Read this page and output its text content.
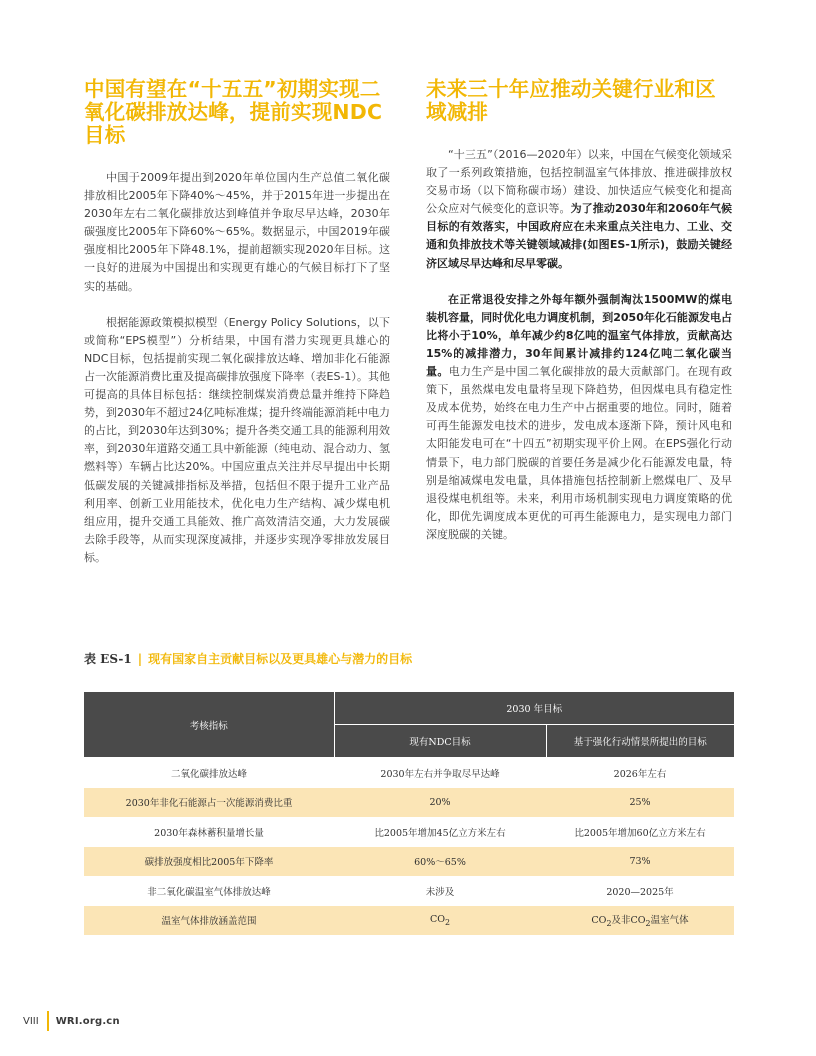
中国有望在“十五五”初期实现二氧化碳排放达峰，提前实现NDC目标

中国于2009年提出到2020年单位国内生产总值二氧化碳排放相比2005年下降40%～45%，并于2015年进一步提出在2030年左右二氧化碳排放达到峰值并争取尽早达峰，2030年碳强度比2005年下降60%～65%。数据显示，中国2019年碳强度相比2005年下降48.1%，提前超额实现2020年目标。这一良好的进展为中国提出和实现更有雄心的气候目标打下了坚实的基础。

根据能源政策模拟模型（Energy Policy Solutions，以下或简称“EPS模型”）分析结果，中国有潜力实现更具雄心的NDC目标，包括提前实现二氧化碳排放达峰、增加非化石能源占一次能源消费比重及提高碳排放强度下降率（表ES-1）。其他可提高的具体目标包括：继续控制煤炭消费总量并维持下降趋势，到2030年不超过24亿吨标准煤；提升终端能源消耗中电力的占比，到2030年达到30%；提升各类交通工具的能源利用效率，到2030年道路交通工具中新能源（纯电动、混合动力、氢燃料等）车辆占比达20%。中国应重点关注并尽早提出中长期低碳发展的关键减排指标及举措，包括但不限于提升工业产品利用率、创新工业用能技术，优化电力生产结构、减少煤电机组应用，提升交通工具能效、推广高效清洁交通，大力发展碳去除手段等，从而实现深度减排，并逐步实现净零排放发展目标。

未来三十年应推动关键行业和区域减排

“十三五”（2016—2020年）以来，中国在气候变化领域采取了一系列政策措施，包括控制温室气体排放、推进碳排放权交易市场（以下简称碳市场）建设、加快适应气候变化和提高公众应对气候变化的意识等。为了推动2030年和2060年气候目标的有效落实，中国政府应在未来重点关注电力、工业、交通和负排放技术等关键领域减排(如图ES-1所示)，鼓励关键经济区域尽早达峰和尽早零碳。

在正常退役安排之外每年额外强制淘汰1500MW的煤电装机容量，同时优化电力调度机制，到2050年化石能源发电占比将小于10%，单年减少约8亿吨的温室气体排放，贡献高达15%的减排潜力，30年间累计减排约124亿吨二氧化碳当量。电力生产是中国二氧化碳排放的最大贡献部门。在现有政策下，虽然煤电发电量将呈现下降趋势，但因煤电具有稳定性及成本优势，始终在电力生产中占据重要的地位。同时，随着可再生能源发电技术的进步，发电成本逐渐下降，预计风电和太阳能发电可在“十四五”初期实现平价上网。在EPS强化行动情景下，电力部门脱碳的首要任务是减少化石能源发电量，特别是缩减煤电发电量，具体措施包括控制新上燃煤电厂、及早退役煤电机组等。未来，利用市场机制实现电力调度策略的优化，即优先调度成本更优的可再生能源电力，是实现电力部门深度脱碳的关键。

表 ES-1 | 现有国家自主贡献目标以及更具雄心与潜力的目标
考核指标	2030 年目标	
	现有NDC目标	基于强化行动情景所提出的目标
二氧化碳排放达峰	2030年左右并争取尽早达峰	2026年左右
2030年非化石能源占一次能源消费比重	20%	25%
2030年森林蓄积量增长量	比2005年增加45亿立方米左右	比2005年增加60亿立方米左右
碳排放强度相比2005年下降率	60%～65%	73%
非二氧化碳温室气体排放达峰	未涉及	2020—2025年
温室气体排放涵盖范围	$CO_2$	$CO_2$及非$CO_2$温室气体
VIII WRI.org.cn
